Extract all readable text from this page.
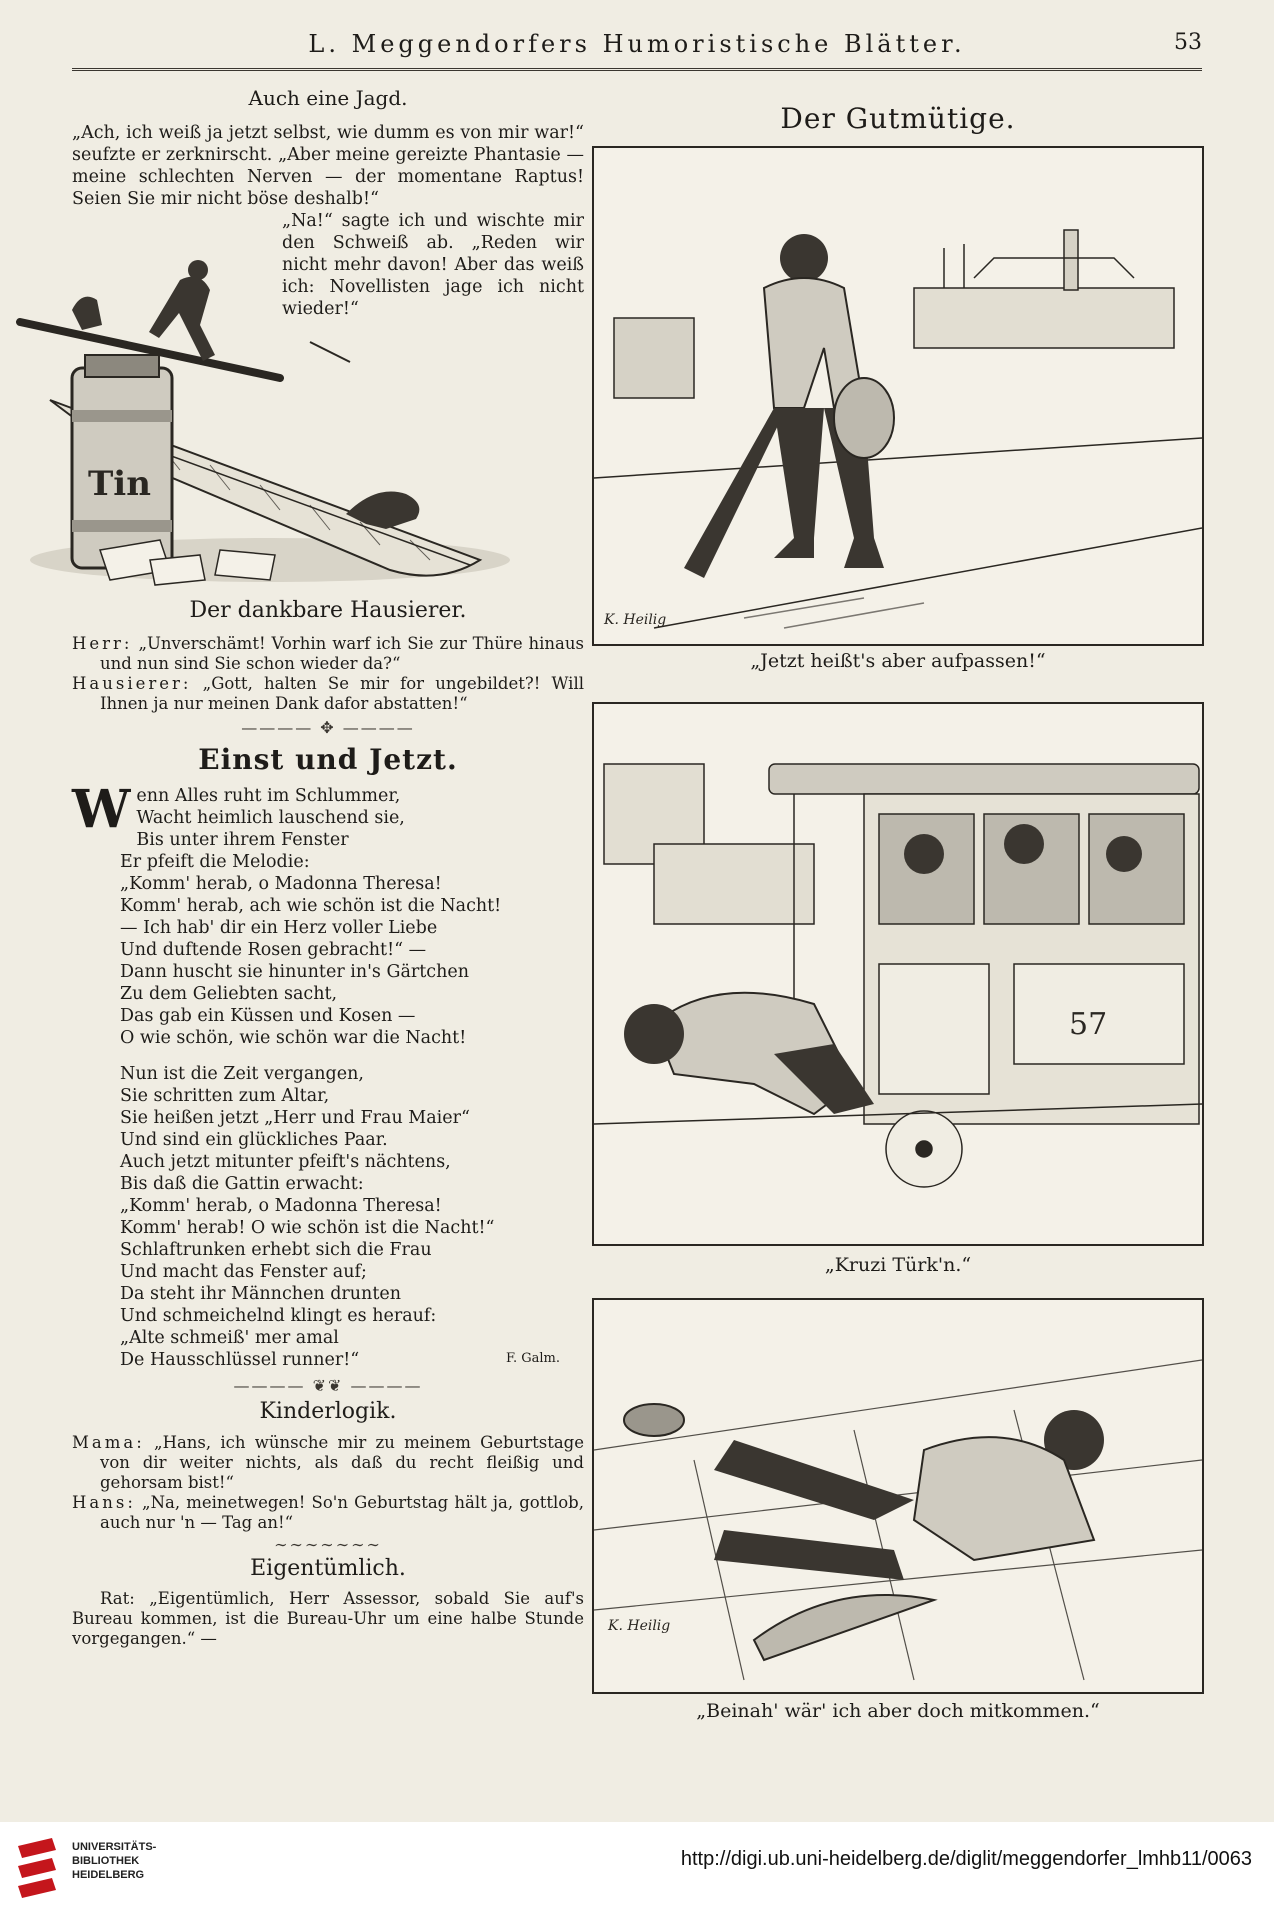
L. Meggendorfers Humoristische Blätter.	53
Auch eine Jagd.

„Ach, ich weiß ja jetzt selbst, wie dumm es von mir war!“ seufzte er zerknirscht. „Aber meine gereizte Phantasie — meine schlechten Nerven — der momentane Raptus! Seien Sie mir nicht böse deshalb!“

„Na!“ sagte ich und wischte mir den Schweiß ab. „Reden wir nicht mehr davon! Aber das weiß ich: Novellisten jage ich nicht wieder!“

Tin
Der dankbare Hausierer.

Herr: „Unverschämt! Vorhin warf ich Sie zur Thüre hinaus und nun sind Sie schon wieder da?“

Hausierer: „Gott, halten Se mir for ungebildet?! Will Ihnen ja nur meinen Dank dafor abstatten!“

———— ✥ ————
Einst und Jetzt.
W enn Alles ruht im Schlummer,
Wacht heimlich lauschend sie,
Bis unter ihrem Fenster
Er pfeift die Melodie:
„Komm' herab, o Madonna Theresa!
Komm' herab, ach wie schön ist die Nacht!
— Ich hab' dir ein Herz voller Liebe
Und duftende Rosen gebracht!“ —
Dann huscht sie hinunter in's Gärtchen
Zu dem Geliebten sacht,
Das gab ein Küssen und Kosen —
O wie schön, wie schön war die Nacht!
Nun ist die Zeit vergangen,
Sie schritten zum Altar,
Sie heißen jetzt „Herr und Frau Maier“
Und sind ein glückliches Paar.
Auch jetzt mitunter pfeift's nächtens,
Bis daß die Gattin erwacht:
„Komm' herab, o Madonna Theresa!
Komm' herab! O wie schön ist die Nacht!“
Schlaftrunken erhebt sich die Frau
Und macht das Fenster auf;
Da steht ihr Männchen drunten
Und schmeichelnd klingt es herauf:
„Alte schmeiß' mer amal
De Hausschlüssel runner!“	F. Galm.
———— ❦❦ ————
Kinderlogik.

Mama: „Hans, ich wünsche mir zu meinem Geburtstage von dir weiter nichts, als daß du recht fleißig und gehorsam bist!“

Hans: „Na, meinetwegen! So'n Geburtstag hält ja, gottlob, auch nur 'n — Tag an!“

∼∼∼∼∼∼∼
Eigentümlich.

Rat: „Eigentümlich, Herr Assessor, sobald Sie auf's Bureau kommen, ist die Bureau-Uhr um eine halbe Stunde vorgegangen.“ —

Der Gutmütige.
K. Heilig
„Jetzt heißt's aber aufpassen!“
57
„Kruzi Türk'n.“
K. Heilig
„Beinah' wär' ich aber doch mitkommen.“
UNIVERSITÄTS-
BIBLIOTHEK
HEIDELBERG
http://digi.ub.uni-heidelberg.de/diglit/meggendorfer_lmhb11/0063
